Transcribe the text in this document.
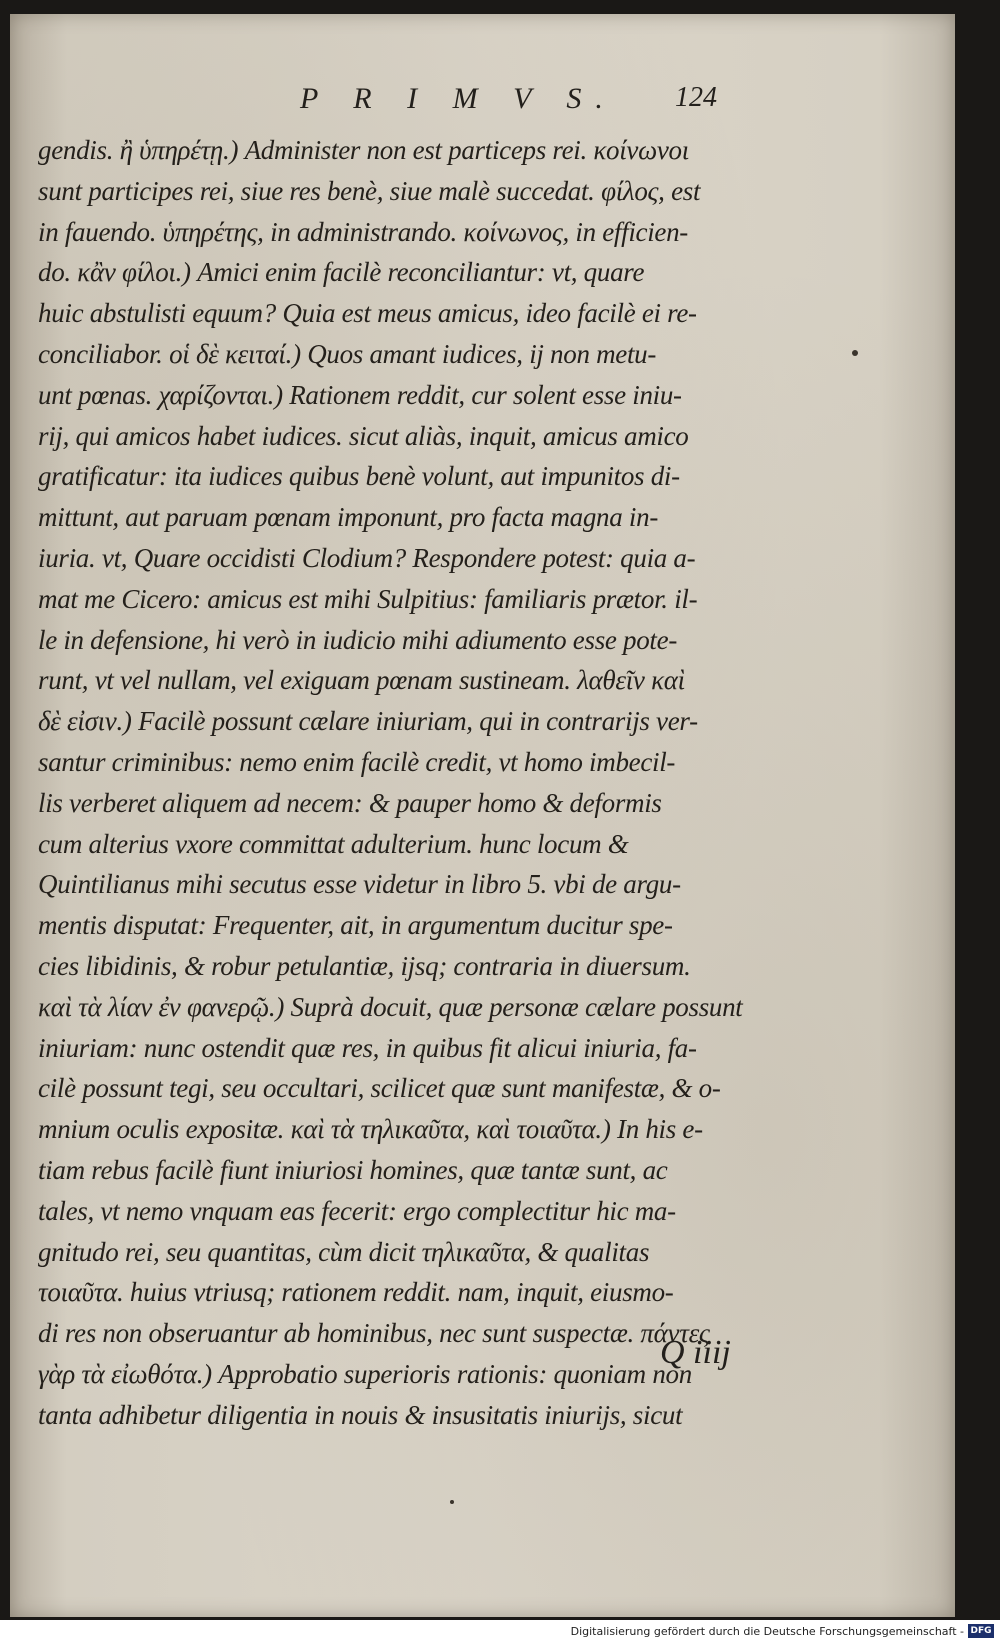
P R I M V S. 124
gendis. ἢ ὑπηρέτῃ.) Administer non est particeps rei. κοίνωνοι
sunt participes rei, siue res benè, siue malè succedat. φίλος, est
in fauendo. ὑπηρέτης, in administrando. κοίνωνος, in efficien-
do. κἂν φίλοι.) Amici enim facilè reconciliantur: vt, quare
huic abstulisti equum? Quia est meus amicus, ideo facilè ei re-
conciliabor. οἱ δὲ κειταί.) Quos amant iudices, ij non metu-
unt pœnas. χαρίζονται.) Rationem reddit, cur solent esse iniu-
rij, qui amicos habet iudices. sicut aliàs, inquit, amicus amico
gratificatur: ita iudices quibus benè volunt, aut impunitos di-
mittunt, aut paruam pœnam imponunt, pro facta magna in-
iuria. vt, Quare occidisti Clodium? Respondere potest: quia a-
mat me Cicero: amicus est mihi Sulpitius: familiaris prætor. il-
le in defensione, hi verò in iudicio mihi adiumento esse pote-
runt, vt vel nullam, vel exiguam pœnam sustineam. λαθεῖν καὶ
δὲ εἰσιν.) Facilè possunt cælare iniuriam, qui in contrarijs ver-
santur criminibus: nemo enim facilè credit, vt homo imbecil-
lis verberet aliquem ad necem: & pauper homo & deformis
cum alterius vxore committat adulterium. hunc locum &
Quintilianus mihi secutus esse videtur in libro 5. vbi de argu-
mentis disputat: Frequenter, ait, in argumentum ducitur spe-
cies libidinis, & robur petulantiæ, ijsq; contraria in diuersum.
καὶ τὰ λίαν ἐν φανερῷ.) Suprà docuit, quæ personæ cælare possunt
iniuriam: nunc ostendit quæ res, in quibus fit alicui iniuria, fa-
cilè possunt tegi, seu occultari, scilicet quæ sunt manifestæ, & o-
mnium oculis expositæ. καὶ τὰ τηλικαῦτα, καὶ τοιαῦτα.) In his e-
tiam rebus facilè fiunt iniuriosi homines, quæ tantæ sunt, ac
tales, vt nemo vnquam eas fecerit: ergo complectitur hic ma-
gnitudo rei, seu quantitas, cùm dicit τηλικαῦτα, & qualitas
τοιαῦτα. huius vtriusq; rationem reddit. nam, inquit, eiusmo-
di res non obseruantur ab hominibus, nec sunt suspectæ. πάντες
γὰρ τὰ εἰωθότα.) Approbatio superioris rationis: quoniam non
tanta adhibetur diligentia in nouis & insusitatis iniurijs, sicut
Q iiij
Digitalisierung gefördert durch die Deutsche Forschungsgemeinschaft - DFG
